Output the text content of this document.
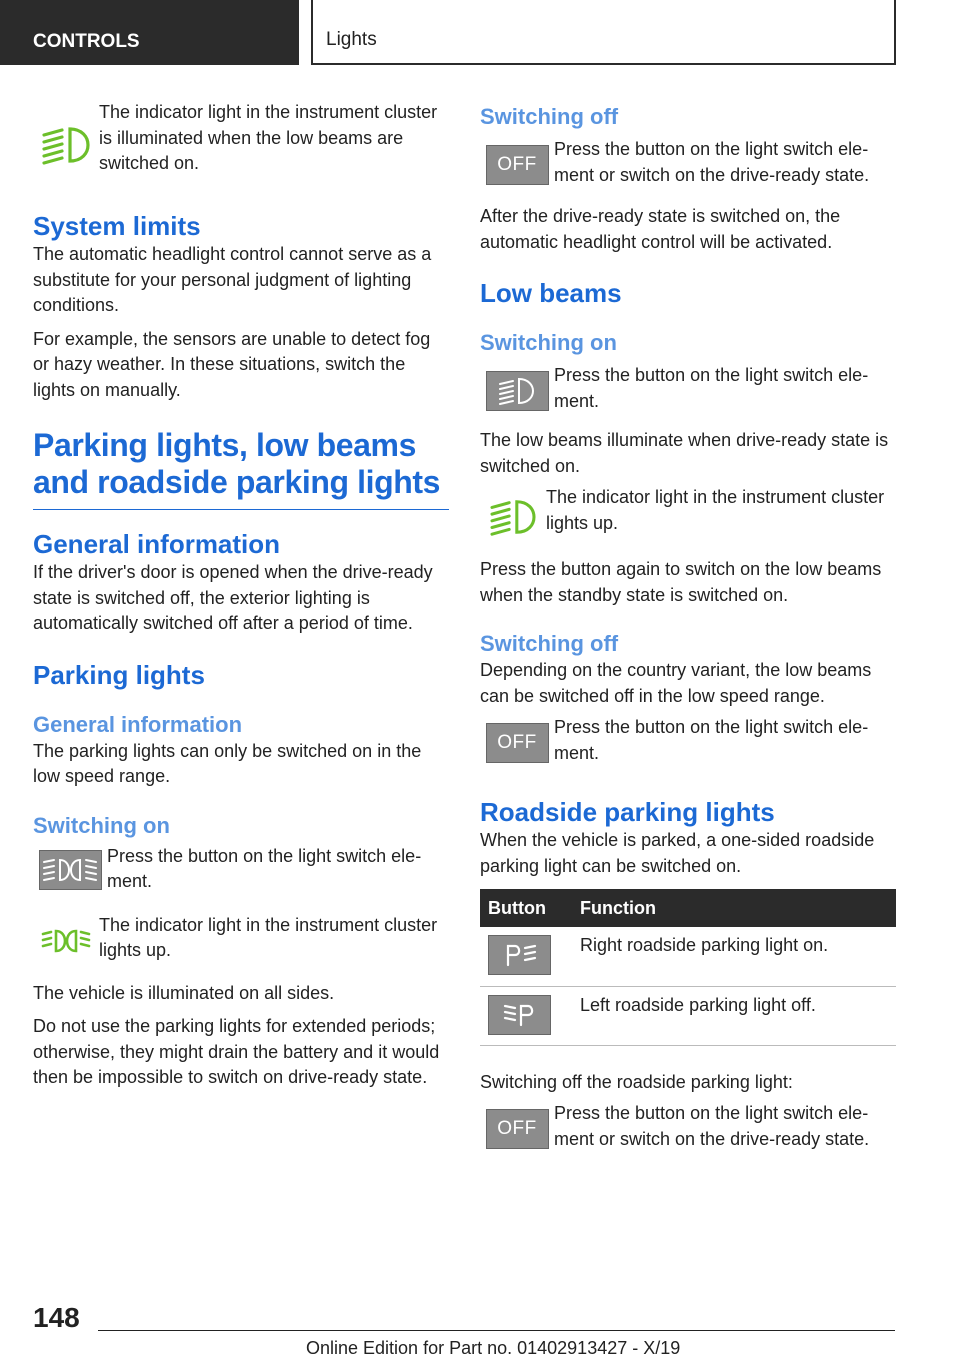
CONTROLS	Lights
The indicator light in the instrument cluster is illuminated when the low beams are switched on.
System limits

The automatic headlight control cannot serve as a substitute for your personal judgment of lighting conditions.

For example, the sensors are unable to detect fog or hazy weather. In these situations, switch the lights on manually.

Parking lights, low beams
and roadside parking lights
General information

If the driver's door is opened when the drive-ready state is switched off, the exterior lighting is automatically switched off after a period of time.

Parking lights
General information

The parking lights can only be switched on in the low speed range.

Switching on
Press the button on the light switch element.
The indicator light in the instrument cluster lights up.

The vehicle is illuminated on all sides.

Do not use the parking lights for extended periods; otherwise, they might drain the battery and it would then be impossible to switch on drive-ready state.

Switching off
OFF
Press the button on the light switch element or switch on the drive-ready state.

After the drive-ready state is switched on, the automatic headlight control will be activated.

Low beams
Switching on
Press the button on the light switch element.

The low beams illuminate when drive-ready state is switched on.

The indicator light in the instrument cluster lights up.

Press the button again to switch on the low beams when the standby state is switched on.

Switching off

Depending on the country variant, the low beams can be switched off in the low speed range.

OFF
Press the button on the light switch element.
Roadside parking lights

When the vehicle is parked, a one-sided roadside parking light can be switched on.

Button	Function

	Right roadside parking light on.

	Left roadside parking light off.

Switching off the roadside parking light:

OFF
Press the button on the light switch element or switch on the drive-ready state.
148
Online Edition for Part no. 01402913427 - X/19
